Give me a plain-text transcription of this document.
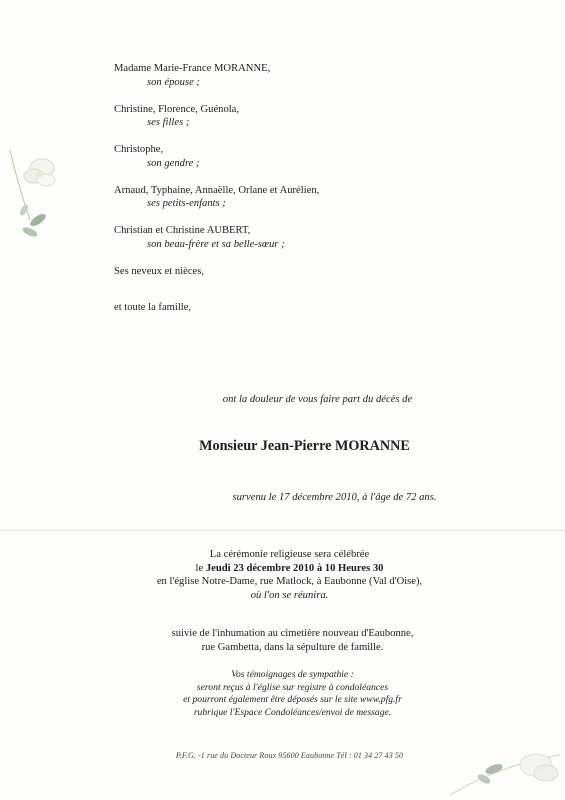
Madame Marie-France MORANNE,
son épouse ;
Christine, Florence, Guénola,
ses filles ;
Christophe,
son gendre ;
Arnaud, Typhaine, Annaëlle, Orlane et Aurélien,
ses petits-enfants ;
Christian et Christine AUBERT,
son beau-frère et sa belle-sœur ;
Ses neveux et nièces,
et toute la famille,
ont la douleur de vous faire part du décès de
Monsieur Jean-Pierre MORANNE
survenu le 17 décembre 2010, à l'âge de 72 ans.
La cérémonie religieuse sera célébrée
le Jeudi 23 décembre 2010 à 10 Heures 30
en l'église Notre-Dame, rue Matlock, à Eaubonne (Val d'Oise),
où l'on se réunira.
suivie de l'inhumation au cimetière nouveau d'Eaubonne,
rue Gambetta, dans la sépulture de famille.
Vos témoignages de sympathie :
seront reçus à l'église sur registre à condoléances
et pourront également être déposés sur le site www.pfg.fr
rubrique l'Espace Condoléances/envoi de message.
P.F.G. -1 rue du Docteur Roux 95600 Eaubonne Tél : 01 34 27 43 50
